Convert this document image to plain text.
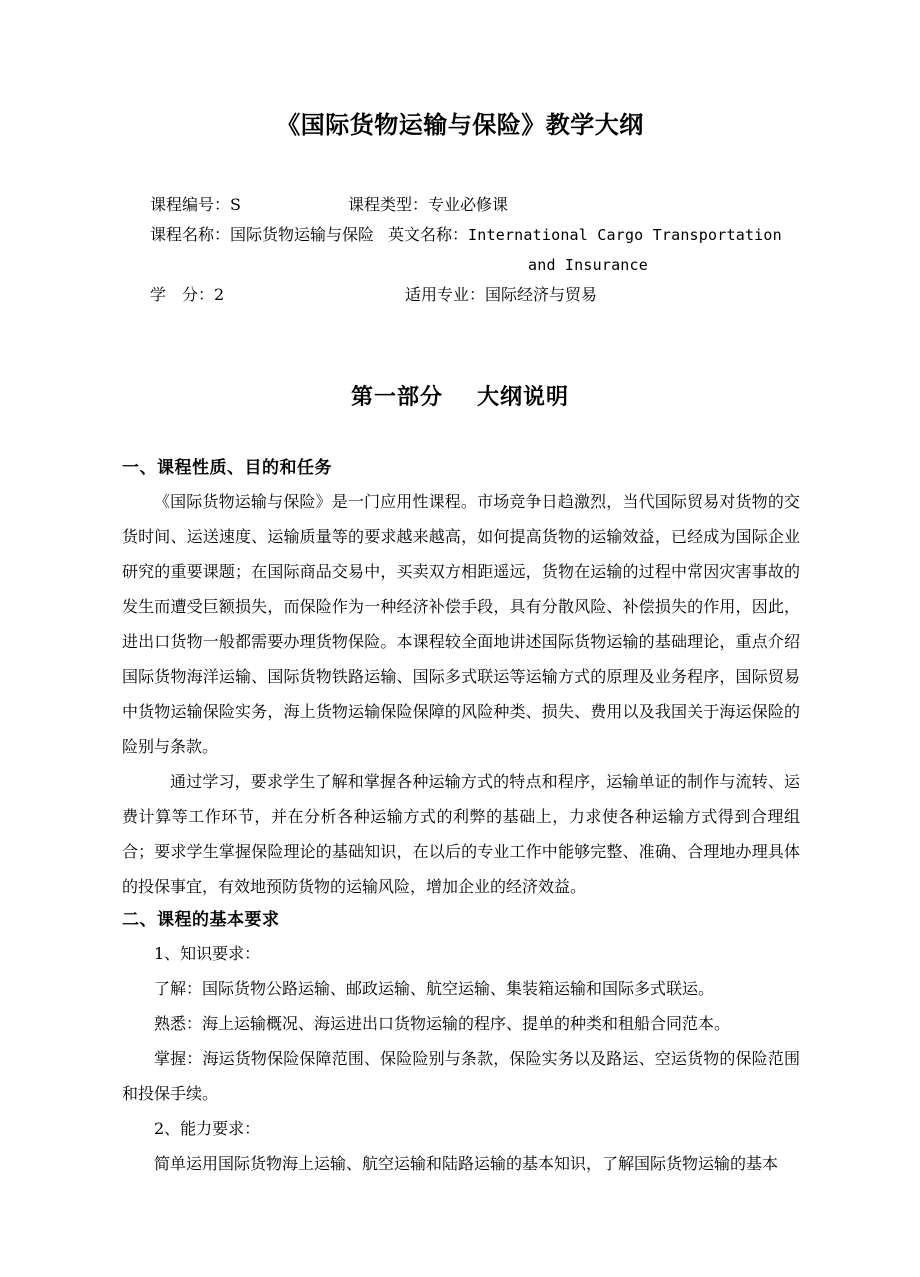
《国际货物运输与保险》教学大纲
课程编号：S	课程类型：专业必修课
课程名称：国际货物运输与保险 英文名称：International Cargo Transportation
and Insurance
学　分：2	适用专业：国际经济与贸易
第一部分 大纲说明
一、课程性质、目的和任务

《国际货物运输与保险》是一门应用性课程。市场竞争日趋激烈，当代国际贸易对货物的交货时间、运送速度、运输质量等的要求越来越高，如何提高货物的运输效益，已经成为国际企业研究的重要课题；在国际商品交易中，买卖双方相距遥远，货物在运输的过程中常因灾害事故的发生而遭受巨额损失，而保险作为一种经济补偿手段，具有分散风险、补偿损失的作用，因此，进出口货物一般都需要办理货物保险。本课程较全面地讲述国际货物运输的基础理论，重点介绍国际货物海洋运输、国际货物铁路运输、国际多式联运等运输方式的原理及业务程序，国际贸易中货物运输保险实务，海上货物运输保险保障的风险种类、损失、费用以及我国关于海运保险的险别与条款。

通过学习，要求学生了解和掌握各种运输方式的特点和程序，运输单证的制作与流转、运费计算等工作环节，并在分析各种运输方式的利弊的基础上，力求使各种运输方式得到合理组合；要求学生掌握保险理论的基础知识，在以后的专业工作中能够完整、准确、合理地办理具体的投保事宜，有效地预防货物的运输风险，增加企业的经济效益。

二、课程的基本要求

1、知识要求：

了解：国际货物公路运输、邮政运输、航空运输、集装箱运输和国际多式联运。

熟悉：海上运输概况、海运进出口货物运输的程序、提单的种类和租船合同范本。

掌握：海运货物保险保障范围、保险险别与条款，保险实务以及路运、空运货物的保险范围和投保手续。

2、能力要求：

简单运用国际货物海上运输、航空运输和陆路运输的基本知识，了解国际货物运输的基本
